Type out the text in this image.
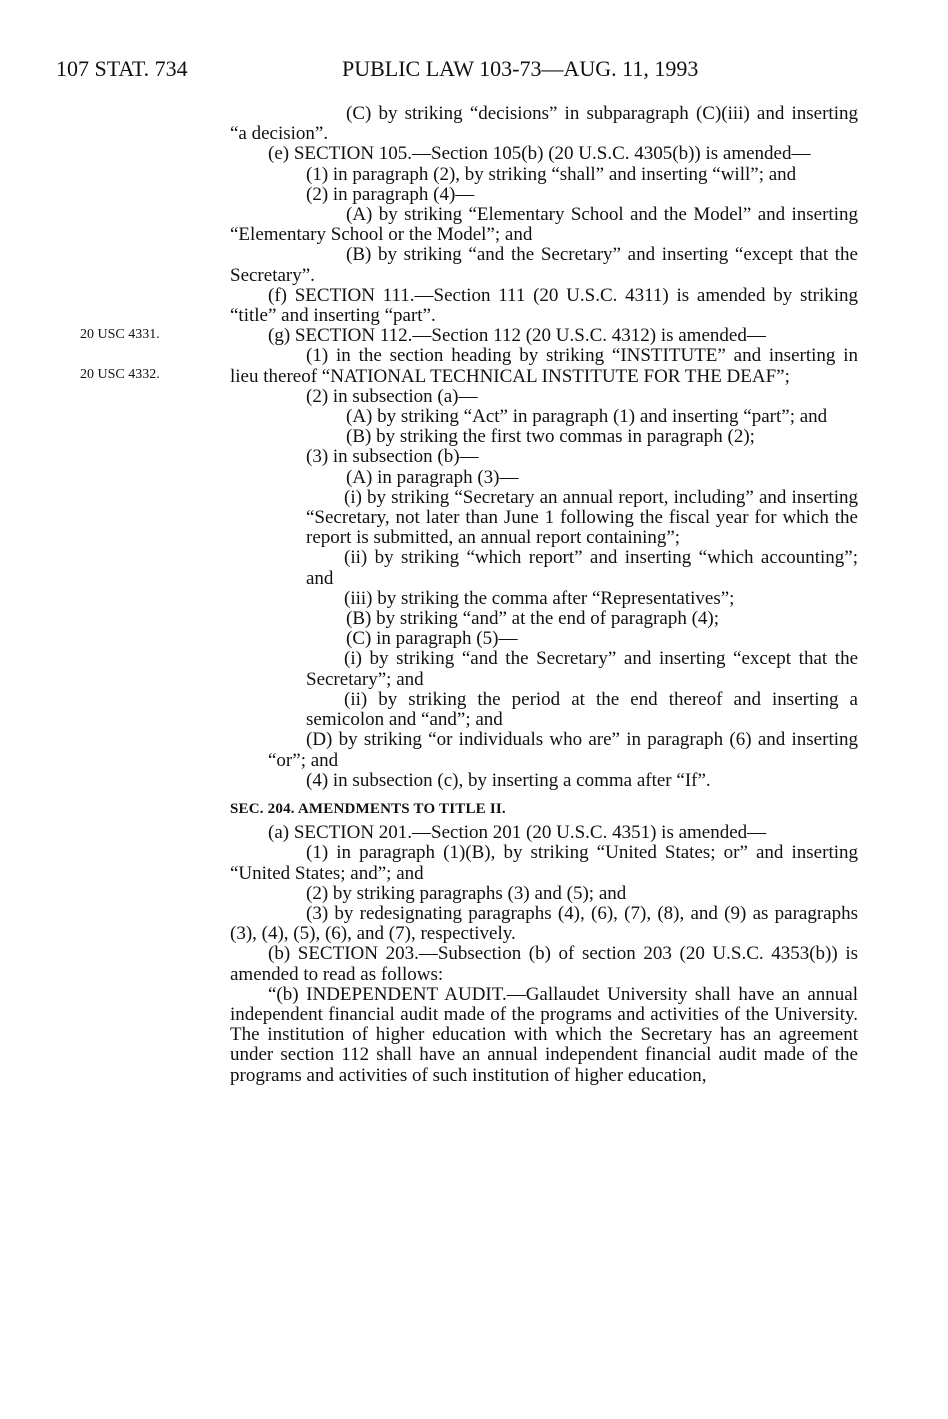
107 STAT. 734	PUBLIC LAW 103-73—AUG. 11, 1993
20 USC 4331.
20 USC 4332.

(C) by striking “decisions” in subparagraph (C)(iii) and inserting “a decision”.

(e) SECTION 105.—Section 105(b) (20 U.S.C. 4305(b)) is amended—

(1) in paragraph (2), by striking “shall” and inserting “will”; and

(2) in paragraph (4)—

(A) by striking “Elementary School and the Model” and inserting “Elementary School or the Model”; and

(B) by striking “and the Secretary” and inserting “except that the Secretary”.

(f) SECTION 111.—Section 111 (20 U.S.C. 4311) is amended by striking “title” and inserting “part”.

(g) SECTION 112.—Section 112 (20 U.S.C. 4312) is amended—

(1) in the section heading by striking “INSTITUTE” and inserting in lieu thereof “NATIONAL TECHNICAL INSTITUTE FOR THE DEAF”;

(2) in subsection (a)—

(A) by striking “Act” in paragraph (1) and inserting “part”; and

(B) by striking the first two commas in paragraph (2);

(3) in subsection (b)—

(A) in paragraph (3)—

(i) by striking “Secretary an annual report, including” and inserting “Secretary, not later than June 1 following the fiscal year for which the report is submitted, an annual report containing”;

(ii) by striking “which report” and inserting “which accounting”; and

(iii) by striking the comma after “Representatives”;

(B) by striking “and” at the end of paragraph (4);

(C) in paragraph (5)—

(i) by striking “and the Secretary” and inserting “except that the Secretary”; and

(ii) by striking the period at the end thereof and inserting a semicolon and “and”; and

(D) by striking “or individuals who are” in paragraph (6) and inserting “or”; and

(4) in subsection (c), by inserting a comma after “If”.

SEC. 204. AMENDMENTS TO TITLE II.

(a) SECTION 201.—Section 201 (20 U.S.C. 4351) is amended—

(1) in paragraph (1)(B), by striking “United States; or” and inserting “United States; and”; and

(2) by striking paragraphs (3) and (5); and

(3) by redesignating paragraphs (4), (6), (7), (8), and (9) as paragraphs (3), (4), (5), (6), and (7), respectively.

(b) SECTION 203.—Subsection (b) of section 203 (20 U.S.C. 4353(b)) is amended to read as follows:

“(b) INDEPENDENT AUDIT.—Gallaudet University shall have an annual independent financial audit made of the programs and activities of the University. The institution of higher education with which the Secretary has an agreement under section 112 shall have an annual independent financial audit made of the programs and activities of such institution of higher education,
